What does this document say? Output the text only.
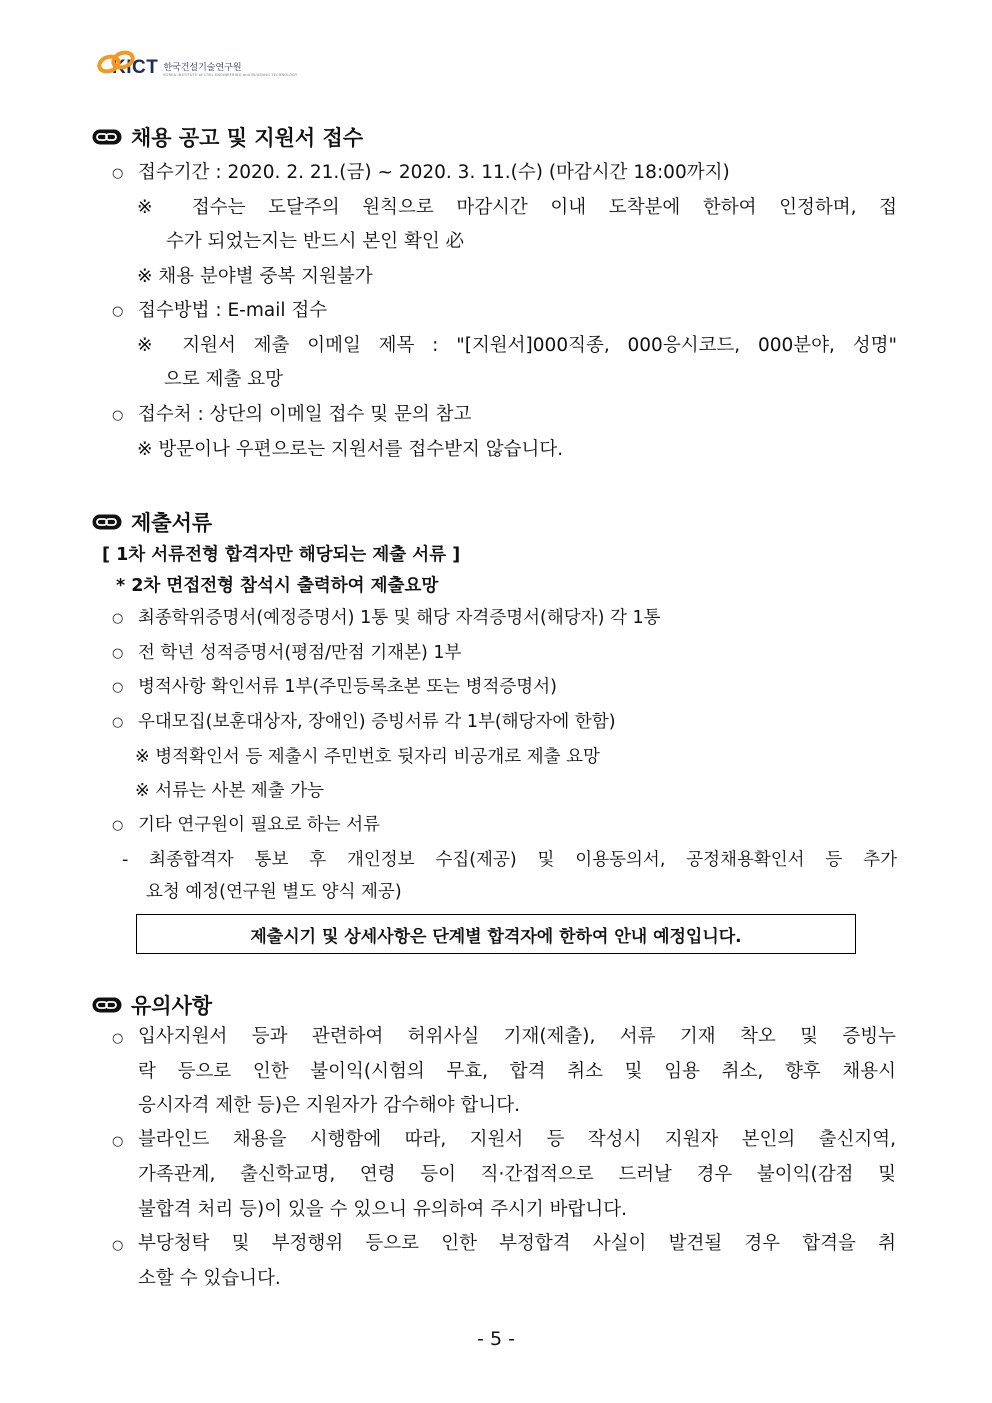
KICT 한국건설기술연구원
KOREA INSTITUTE of CIVIL ENGINEERING and BUILDING TECHNOLOGY
채용 공고 및 지원서 접수
○ 접수기간 : 2020. 2. 21.(금) ~ 2020. 3. 11.(수) (마감시간 18:00까지)
※ 접수는 도달주의 원칙으로 마감시간 이내 도착분에 한하여 인정하며, 접
수가 되었는지는 반드시 본인 확인 必
※ 채용 분야별 중복 지원불가
○ 접수방법 : E-mail 접수
※ 지원서 제출 이메일 제목 : "[지원서]000직종, 000응시코드, 000분야, 성명"
으로 제출 요망
○ 접수처 : 상단의 이메일 접수 및 문의 참고
※ 방문이나 우편으로는 지원서를 접수받지 않습니다.
제출서류
[ 1차 서류전형 합격자만 해당되는 제출 서류 ]
* 2차 면접전형 참석시 출력하여 제출요망
○ 최종학위증명서(예정증명서) 1통 및 해당 자격증명서(해당자) 각 1통
○ 전 학년 성적증명서(평점/만점 기재본) 1부
○ 병적사항 확인서류 1부(주민등록초본 또는 병적증명서)
○ 우대모집(보훈대상자, 장애인) 증빙서류 각 1부(해당자에 한함)
※ 병적확인서 등 제출시 주민번호 뒷자리 비공개로 제출 요망
※ 서류는 사본 제출 가능
○ 기타 연구원이 필요로 하는 서류
- 최종합격자 통보 후 개인정보 수집(제공) 및 이용동의서, 공정채용확인서 등 추가
요청 예정(연구원 별도 양식 제공)
제출시기 및 상세사항은 단계별 합격자에 한하여 안내 예정입니다.
유의사항
○ 입사지원서 등과 관련하여 허위사실 기재(제출), 서류 기재 착오 및 증빙누
락 등으로 인한 불이익(시험의 무효, 합격 취소 및 임용 취소, 향후 채용시
응시자격 제한 등)은 지원자가 감수해야 합니다.
○ 블라인드 채용을 시행함에 따라, 지원서 등 작성시 지원자 본인의 출신지역,
가족관계, 출신학교명, 연령 등이 직·간접적으로 드러날 경우 불이익(감점 및
불합격 처리 등)이 있을 수 있으니 유의하여 주시기 바랍니다.
○ 부당청탁 및 부정행위 등으로 인한 부정합격 사실이 발견될 경우 합격을 취
소할 수 있습니다.
- 5 -
